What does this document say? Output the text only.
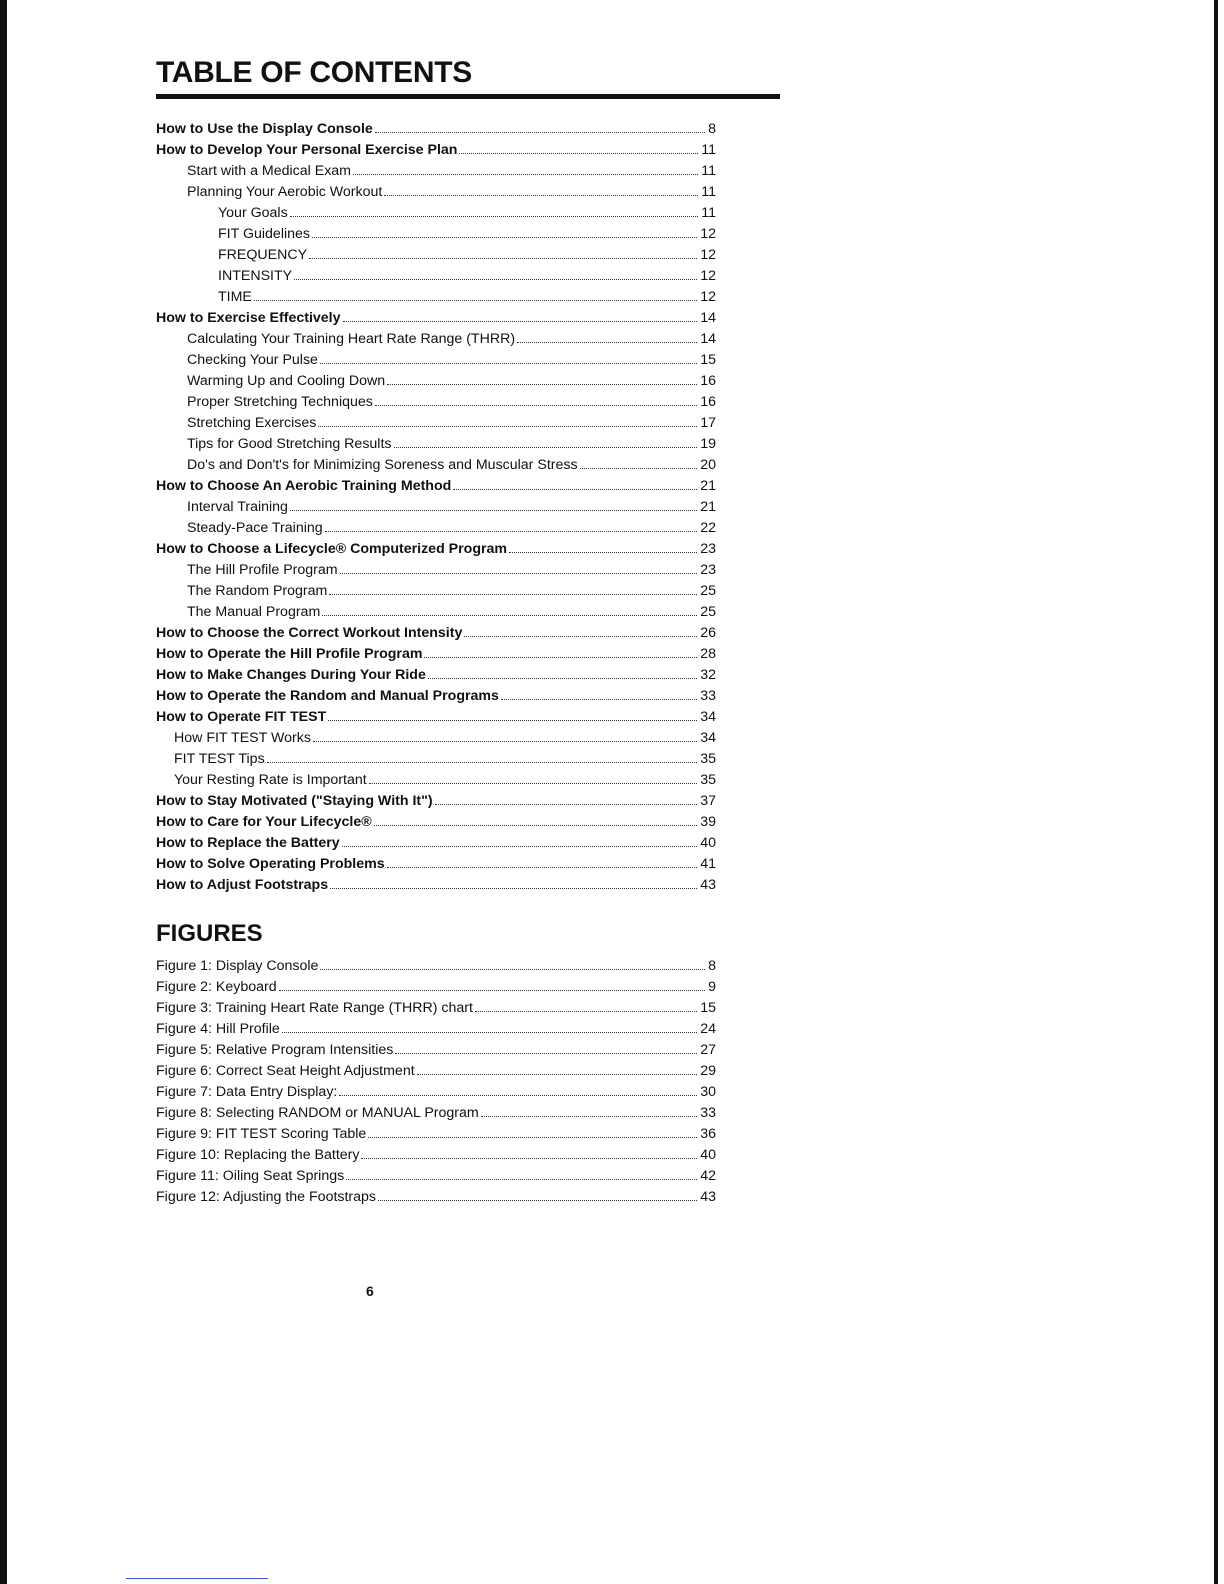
TABLE OF CONTENTS
How to Use the Display Console	8
How to Develop Your Personal Exercise Plan	11
Start with a Medical Exam	11
Planning Your Aerobic Workout	11
Your Goals	11
FIT Guidelines	12
FREQUENCY	12
INTENSITY	12
TIME	12
How to Exercise Effectively	14
Calculating Your Training Heart Rate Range (THRR)	14
Checking Your Pulse	15
Warming Up and Cooling Down	16
Proper Stretching Techniques	16
Stretching Exercises	17
Tips for Good Stretching Results	19
Do's and Don't's for Minimizing Soreness and Muscular Stress	20
How to Choose An Aerobic Training Method	21
Interval Training	21
Steady-Pace Training	22
How to Choose a Lifecycle® Computerized Program	23
The Hill Profile Program	23
The Random Program	25
The Manual Program	25
How to Choose the Correct Workout Intensity	26
How to Operate the Hill Profile Program	28
How to Make Changes During Your Ride	32
How to Operate the Random and Manual Programs	33
How to Operate FIT TEST	34
How FIT TEST Works	34
FIT TEST Tips	35
Your Resting Rate is Important	35
How to Stay Motivated ("Staying With It")	37
How to Care for Your Lifecycle®	39
How to Replace the Battery	40
How to Solve Operating Problems	41
How to Adjust Footstraps	43
FIGURES
Figure 1: Display Console	8
Figure 2: Keyboard	9
Figure 3: Training Heart Rate Range (THRR) chart	15
Figure 4: Hill Profile	24
Figure 5: Relative Program Intensities	27
Figure 6: Correct Seat Height Adjustment	29
Figure 7: Data Entry Display:	30
Figure 8: Selecting RANDOM or MANUAL Program	33
Figure 9: FIT TEST Scoring Table	36
Figure 10: Replacing the Battery	40
Figure 11: Oiling Seat Springs	42
Figure 12: Adjusting the Footstraps	43
6
